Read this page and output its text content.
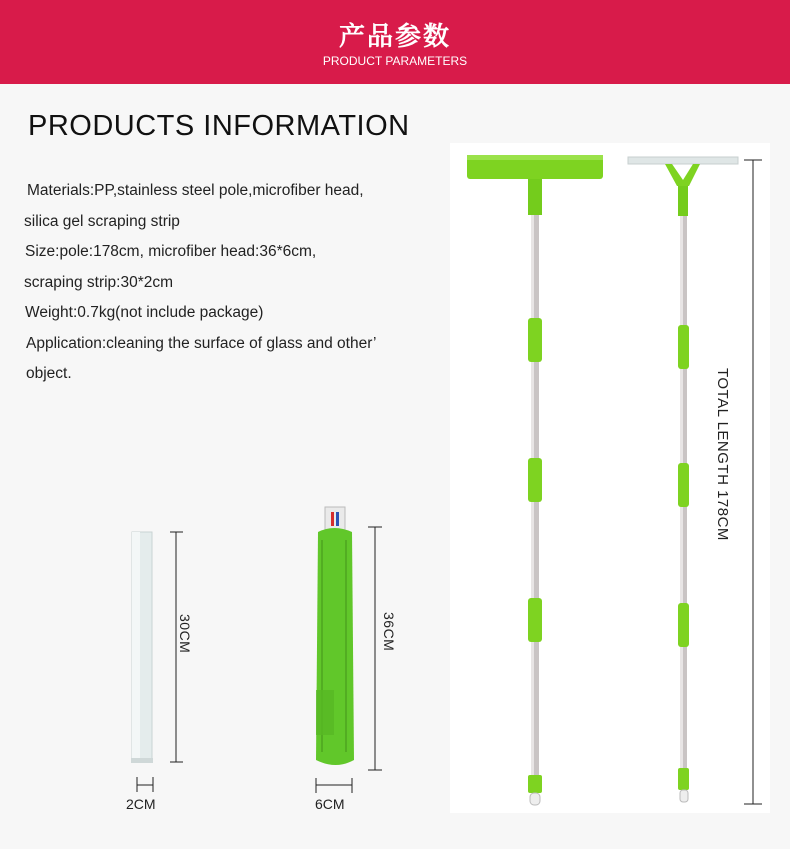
产品参数
PRODUCT PARAMETERS
PRODUCTS INFORMATION
Materials:PP,stainless steel pole,microfiber head,
silica gel scraping strip
Size:pole:178cm, microfiber head:36*6cm,
scraping strip:30*2cm
Weight:0.7kg(not include package)
Application:cleaning the surface of glass and other’
object.
30CM
2CM
36CM
6CM
TOTAL LENGTH 178CM
